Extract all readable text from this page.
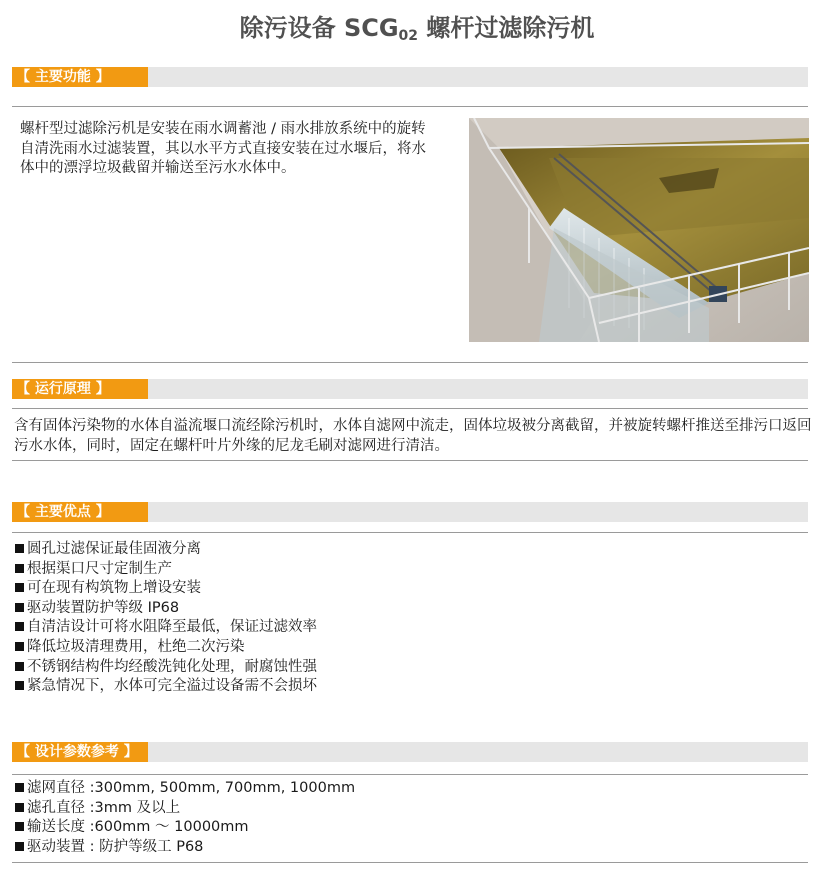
除污设备 $SCG_{02}$ 螺杆过滤除污机
【 主要功能 】
螺杆型过滤除污机是安装在雨水调蓄池 / 雨水排放系统中的旋转自清洗雨水过滤装置，其以水平方式直接安装在过水堰后，将水体中的漂浮垃圾截留并输送至污水水体中。
【 运行原理 】
含有固体污染物的水体自溢流堰口流经除污机时，水体自滤网中流走，固体垃圾被分离截留，并被旋转螺杆推送至排污口返回污水水体，同时，固定在螺杆叶片外缘的尼龙毛刷对滤网进行清洁。
【 主要优点 】
圆孔过滤保证最佳固液分离
根据渠口尺寸定制生产
可在现有构筑物上增设安装
驱动装置防护等级 IP68
自清洁设计可将水阻降至最低，保证过滤效率
降低垃圾清理费用，杜绝二次污染
不锈钢结构件均经酸洗钝化处理，耐腐蚀性强
紧急情况下，水体可完全溢过设备需不会损坏
【 设计参数参考 】
滤网直径 :300mm, 500mm, 700mm, 1000mm
滤孔直径 :3mm 及以上
输送长度 :600mm ～ 10000mm
驱动装置 : 防护等级工 P68
